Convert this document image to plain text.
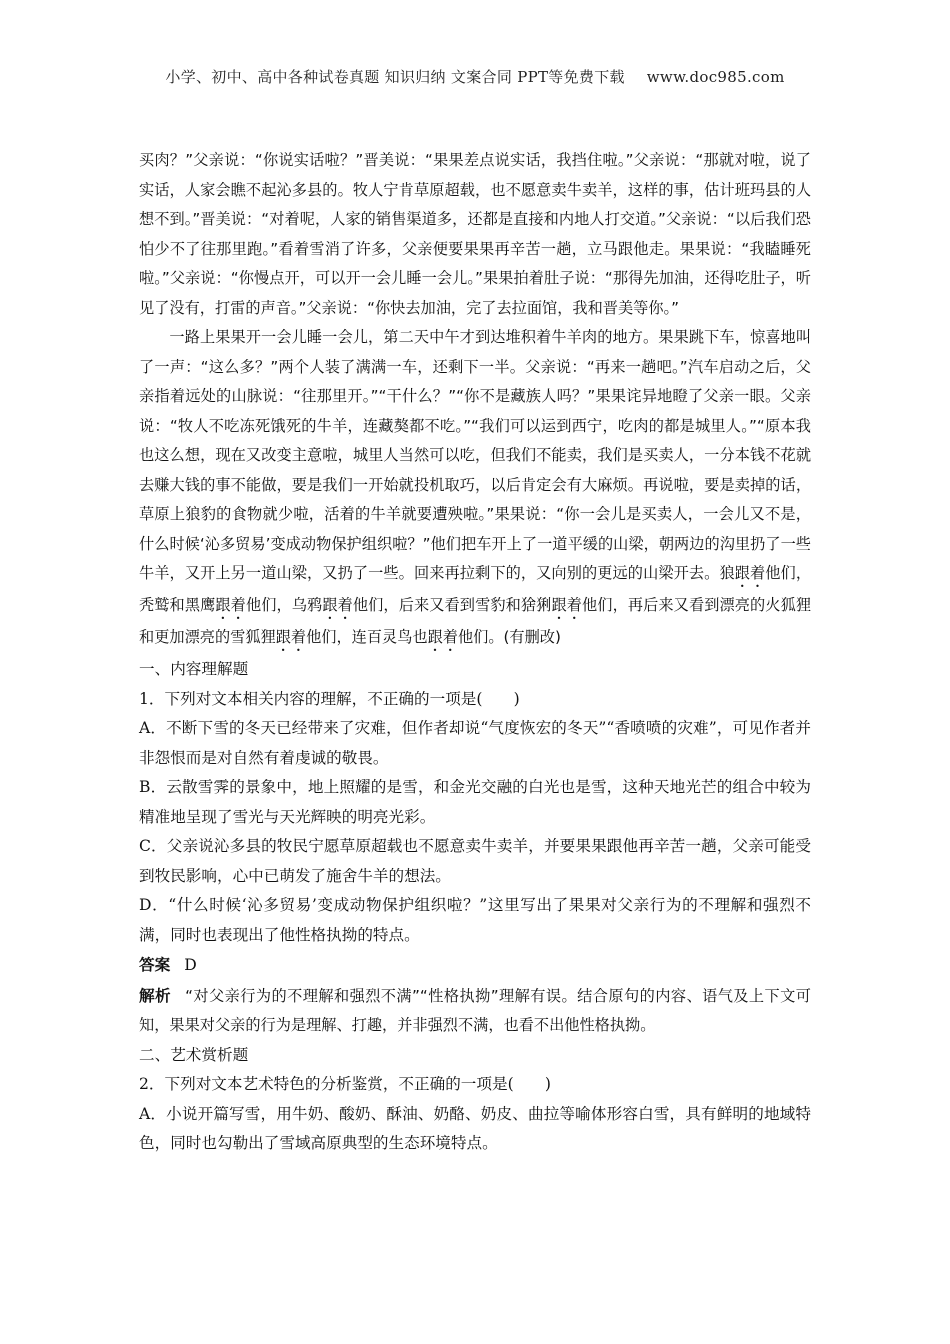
小学、初中、高中各种试卷真题 知识归纳 文案合同 PPT等免费下载 www.doc985.com

买肉？”父亲说：“你说实话啦？”晋美说：“果果差点说实话，我挡住啦。”父亲说：“那就对啦，说了实话，人家会瞧不起沁多县的。牧人宁肯草原超载，也不愿意卖牛卖羊，这样的事，估计班玛县的人想不到。”晋美说：“对着呢，人家的销售渠道多，还都是直接和内地人打交道。”父亲说：“以后我们恐怕少不了往那里跑。”看着雪消了许多，父亲便要果果再辛苦一趟，立马跟他走。果果说：“我瞌睡死啦。”父亲说：“你慢点开，可以开一会儿睡一会儿。”果果拍着肚子说：“那得先加油，还得吃肚子，听见了没有，打雷的声音。”父亲说：“你快去加油，完了去拉面馆，我和晋美等你。”

一路上果果开一会儿睡一会儿，第二天中午才到达堆积着牛羊肉的地方。果果跳下车，惊喜地叫了一声：“这么多？”两个人装了满满一车，还剩下一半。父亲说：“再来一趟吧。”汽车启动之后，父亲指着远处的山脉说：“往那里开。”“干什么？”“你不是藏族人吗？”果果诧异地瞪了父亲一眼。父亲说：“牧人不吃冻死饿死的牛羊，连藏獒都不吃。”“我们可以运到西宁，吃肉的都是城里人。”“原本我也这么想，现在又改变主意啦，城里人当然可以吃，但我们不能卖，我们是买卖人，一分本钱不花就去赚大钱的事不能做，要是我们一开始就投机取巧，以后肯定会有大麻烦。再说啦，要是卖掉的话，草原上狼豹的食物就少啦，活着的牛羊就要遭殃啦。”果果说：“你一会儿是买卖人，一会儿又不是，什么时候‘沁多贸易’变成动物保护组织啦？”他们把车开上了一道平缓的山梁，朝两边的沟里扔了一些牛羊，又开上另一道山梁，又扔了一些。回来再拉剩下的，又向别的更远的山梁开去。狼跟着他们，秃鹫和黑鹰跟着他们，乌鸦跟着他们，后来又看到雪豹和猞猁跟着他们，再后来又看到漂亮的火狐狸和更加漂亮的雪狐狸跟着他们，连百灵鸟也跟着他们。(有删改)

一、内容理解题

1．下列对文本相关内容的理解，不正确的一项是(　　)

A．不断下雪的冬天已经带来了灾难，但作者却说“气度恢宏的冬天”“香喷喷的灾难”，可见作者并非怨恨而是对自然有着虔诚的敬畏。

B．云散雪霁的景象中，地上照耀的是雪，和金光交融的白光也是雪，这种天地光芒的组合中较为精准地呈现了雪光与天光辉映的明亮光彩。

C．父亲说沁多县的牧民宁愿草原超载也不愿意卖牛卖羊，并要果果跟他再辛苦一趟，父亲可能受到牧民影响，心中已萌发了施舍牛羊的想法。

D．“什么时候‘沁多贸易’变成动物保护组织啦？”这里写出了果果对父亲行为的不理解和强烈不满，同时也表现出了他性格执拗的特点。

答案 D

解析 “对父亲行为的不理解和强烈不满”“性格执拗”理解有误。结合原句的内容、语气及上下文可知，果果对父亲的行为是理解、打趣，并非强烈不满，也看不出他性格执拗。

二、艺术赏析题

2．下列对文本艺术特色的分析鉴赏，不正确的一项是(　　)

A．小说开篇写雪，用牛奶、酸奶、酥油、奶酪、奶皮、曲拉等喻体形容白雪，具有鲜明的地域特色，同时也勾勒出了雪域高原典型的生态环境特点。
